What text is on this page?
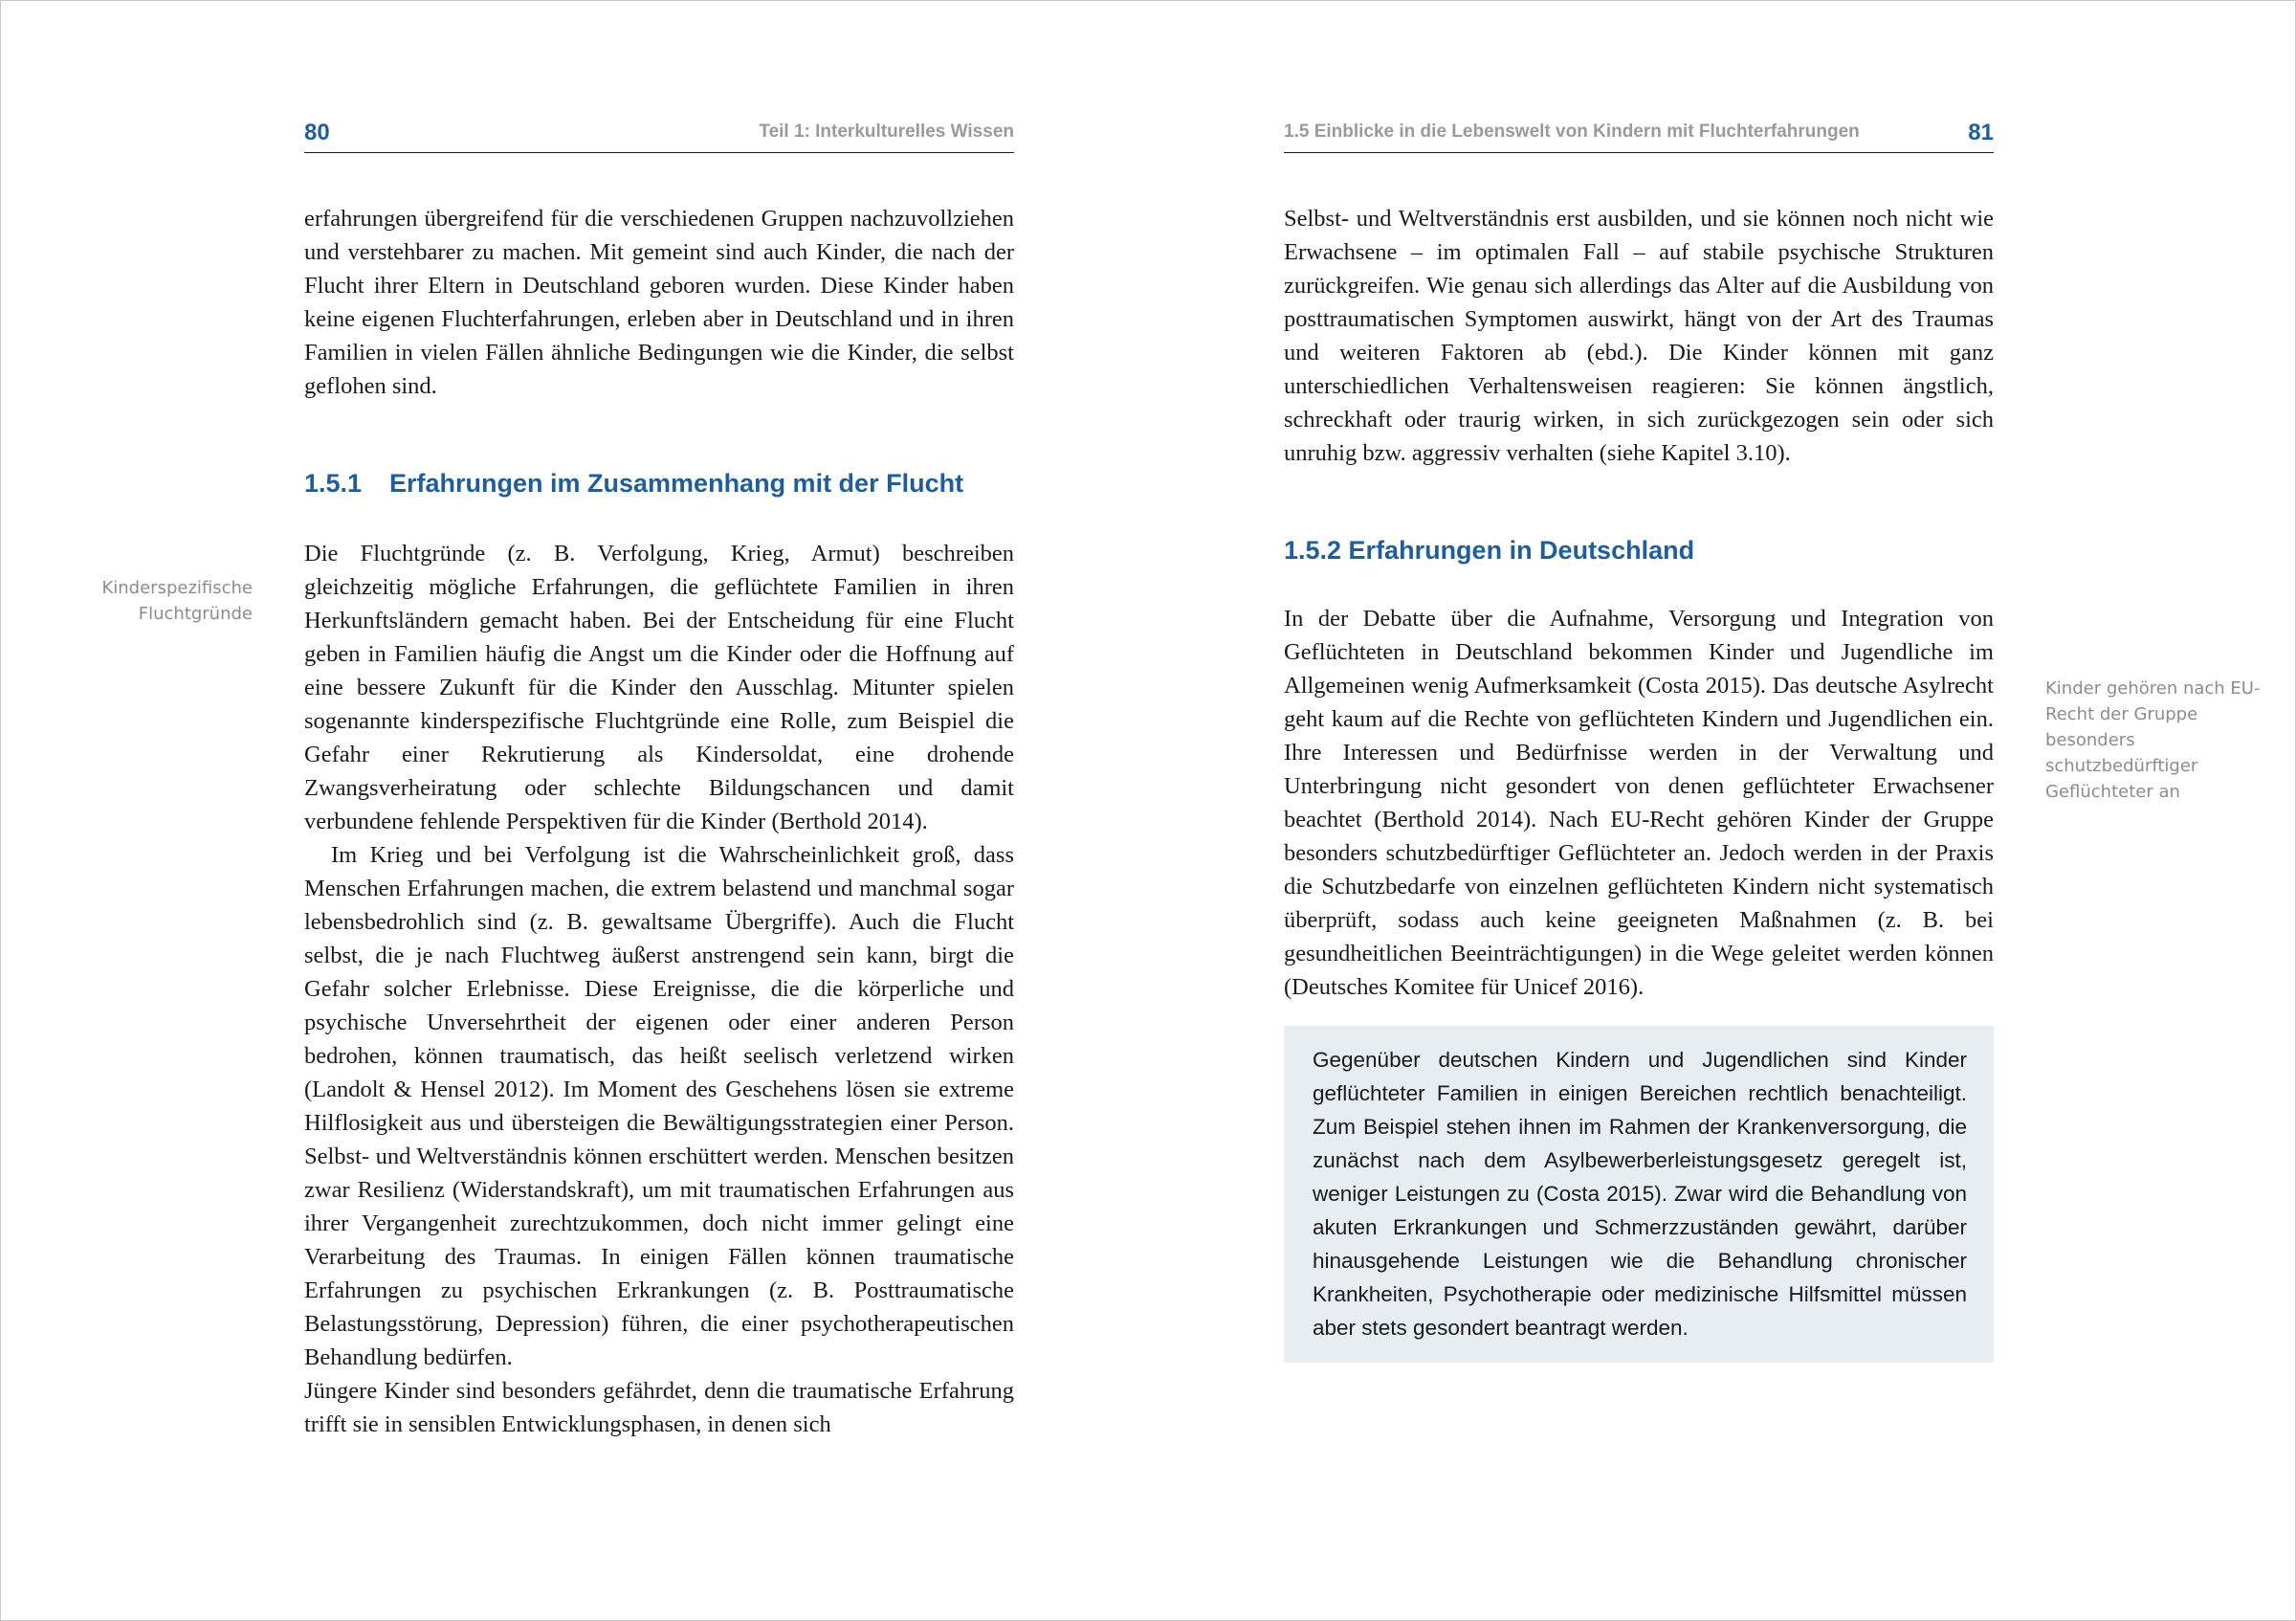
80	Teil 1: Interkulturelles Wissen

erfahrungen übergreifend für die verschiedenen Gruppen nachzuvollziehen und verstehbarer zu machen. Mit gemeint sind auch Kinder, die nach der Flucht ihrer Eltern in Deutschland geboren wurden. Diese Kinder haben keine eigenen Fluchterfahrungen, erleben aber in Deutschland und in ihren Familien in vielen Fällen ähnliche Bedingungen wie die Kinder, die selbst geflohen sind.

1.5.1 Erfahrungen im Zusammenhang mit der Flucht
Kinderspezifische Fluchtgründe

Die Fluchtgründe (z. B. Verfolgung, Krieg, Armut) beschreiben gleichzeitig mögliche Erfahrungen, die geflüchtete Familien in ihren Herkunftsländern gemacht haben. Bei der Entscheidung für eine Flucht geben in Familien häufig die Angst um die Kinder oder die Hoffnung auf eine bessere Zukunft für die Kinder den Ausschlag. Mitunter spielen sogenannte kinderspezifische Fluchtgründe eine Rolle, zum Beispiel die Gefahr einer Rekrutierung als Kindersoldat, eine drohende Zwangsverheiratung oder schlechte Bildungschancen und damit verbundene fehlende Perspektiven für die Kinder (Berthold 2014).

Im Krieg und bei Verfolgung ist die Wahrscheinlichkeit groß, dass Menschen Erfahrungen machen, die extrem belastend und manchmal sogar lebensbedrohlich sind (z. B. gewaltsame Übergriffe). Auch die Flucht selbst, die je nach Fluchtweg äußerst anstrengend sein kann, birgt die Gefahr solcher Erlebnisse. Diese Ereignisse, die die körperliche und psychische Unversehrtheit der eigenen oder einer anderen Person bedrohen, können traumatisch, das heißt seelisch verletzend wirken (Landolt & Hensel 2012). Im Moment des Geschehens lösen sie extreme Hilflosigkeit aus und übersteigen die Bewältigungsstrategien einer Person. Selbst- und Weltverständnis können erschüttert werden. Menschen besitzen zwar Resilienz (Widerstandskraft), um mit traumatischen Erfahrungen aus ihrer Vergangenheit zurechtzukommen, doch nicht immer gelingt eine Verarbeitung des Traumas. In einigen Fällen können traumatische Erfahrungen zu psychischen Erkrankungen (z. B. Posttraumatische Belastungsstörung, Depression) führen, die einer psychotherapeutischen Behandlung bedürfen.

Jüngere Kinder sind besonders gefährdet, denn die traumatische Erfahrung trifft sie in sensiblen Entwicklungsphasen, in denen sich

1.5 Einblicke in die Lebenswelt von Kindern mit Fluchterfahrungen	81

Selbst- und Weltverständnis erst ausbilden, und sie können noch nicht wie Erwachsene – im optimalen Fall – auf stabile psychische Strukturen zurückgreifen. Wie genau sich allerdings das Alter auf die Ausbildung von posttraumatischen Symptomen auswirkt, hängt von der Art des Traumas und weiteren Faktoren ab (ebd.). Die Kinder können mit ganz unterschiedlichen Verhaltensweisen reagieren: Sie können ängstlich, schreckhaft oder traurig wirken, in sich zurückgezogen sein oder sich unruhig bzw. aggressiv verhalten (siehe Kapitel 3.10).

1.5.2 Erfahrungen in Deutschland
Kinder gehören nach EU-Recht der Gruppe besonders schutzbedürftiger Geflüchteter an

In der Debatte über die Aufnahme, Versorgung und Integration von Geflüchteten in Deutschland bekommen Kinder und Jugendliche im Allgemeinen wenig Aufmerksamkeit (Costa 2015). Das deutsche Asylrecht geht kaum auf die Rechte von geflüchteten Kindern und Jugendlichen ein. Ihre Interessen und Bedürfnisse werden in der Verwaltung und Unterbringung nicht gesondert von denen geflüchteter Erwachsener beachtet (Berthold 2014). Nach EU-Recht gehören Kinder der Gruppe besonders schutzbedürftiger Geflüchteter an. Jedoch werden in der Praxis die Schutzbedarfe von einzelnen geflüchteten Kindern nicht systematisch überprüft, sodass auch keine geeigneten Maßnahmen (z. B. bei gesundheitlichen Beeinträchtigungen) in die Wege geleitet werden können (Deutsches Komitee für Unicef 2016).

Gegenüber deutschen Kindern und Jugendlichen sind Kinder geflüchteter Familien in einigen Bereichen rechtlich benachteiligt. Zum Beispiel stehen ihnen im Rahmen der Krankenversorgung, die zunächst nach dem Asylbewerberleistungsgesetz geregelt ist, weniger Leistungen zu (Costa 2015). Zwar wird die Behandlung von akuten Erkrankungen und Schmerzzuständen gewährt, darüber hinausgehende Leistungen wie die Behandlung chronischer Krankheiten, Psychotherapie oder medizinische Hilfsmittel müssen aber stets gesondert beantragt werden.
